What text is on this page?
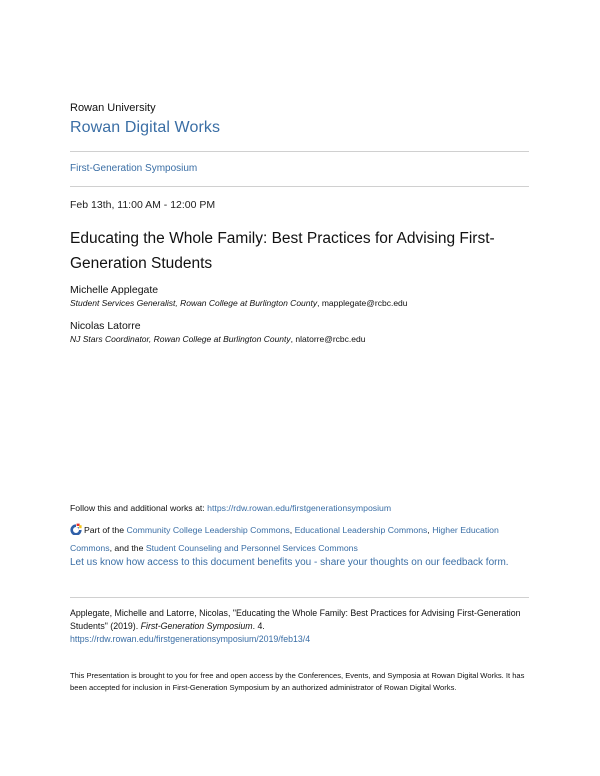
Rowan University
Rowan Digital Works
First-Generation Symposium
Feb 13th, 11:00 AM - 12:00 PM
Educating the Whole Family: Best Practices for Advising First-Generation Students
Michelle Applegate
Student Services Generalist, Rowan College at Burlington County, mapplegate@rcbc.edu
Nicolas Latorre
NJ Stars Coordinator, Rowan College at Burlington County, nlatorre@rcbc.edu
Follow this and additional works at: https://rdw.rowan.edu/firstgenerationsymposium
Part of the Community College Leadership Commons, Educational Leadership Commons, Higher Education Commons, and the Student Counseling and Personnel Services Commons
Let us know how access to this document benefits you - share your thoughts on our feedback form.
Applegate, Michelle and Latorre, Nicolas, "Educating the Whole Family: Best Practices for Advising First-Generation Students" (2019). First-Generation Symposium. 4.
https://rdw.rowan.edu/firstgenerationsymposium/2019/feb13/4
This Presentation is brought to you for free and open access by the Conferences, Events, and Symposia at Rowan Digital Works. It has been accepted for inclusion in First-Generation Symposium by an authorized administrator of Rowan Digital Works.
